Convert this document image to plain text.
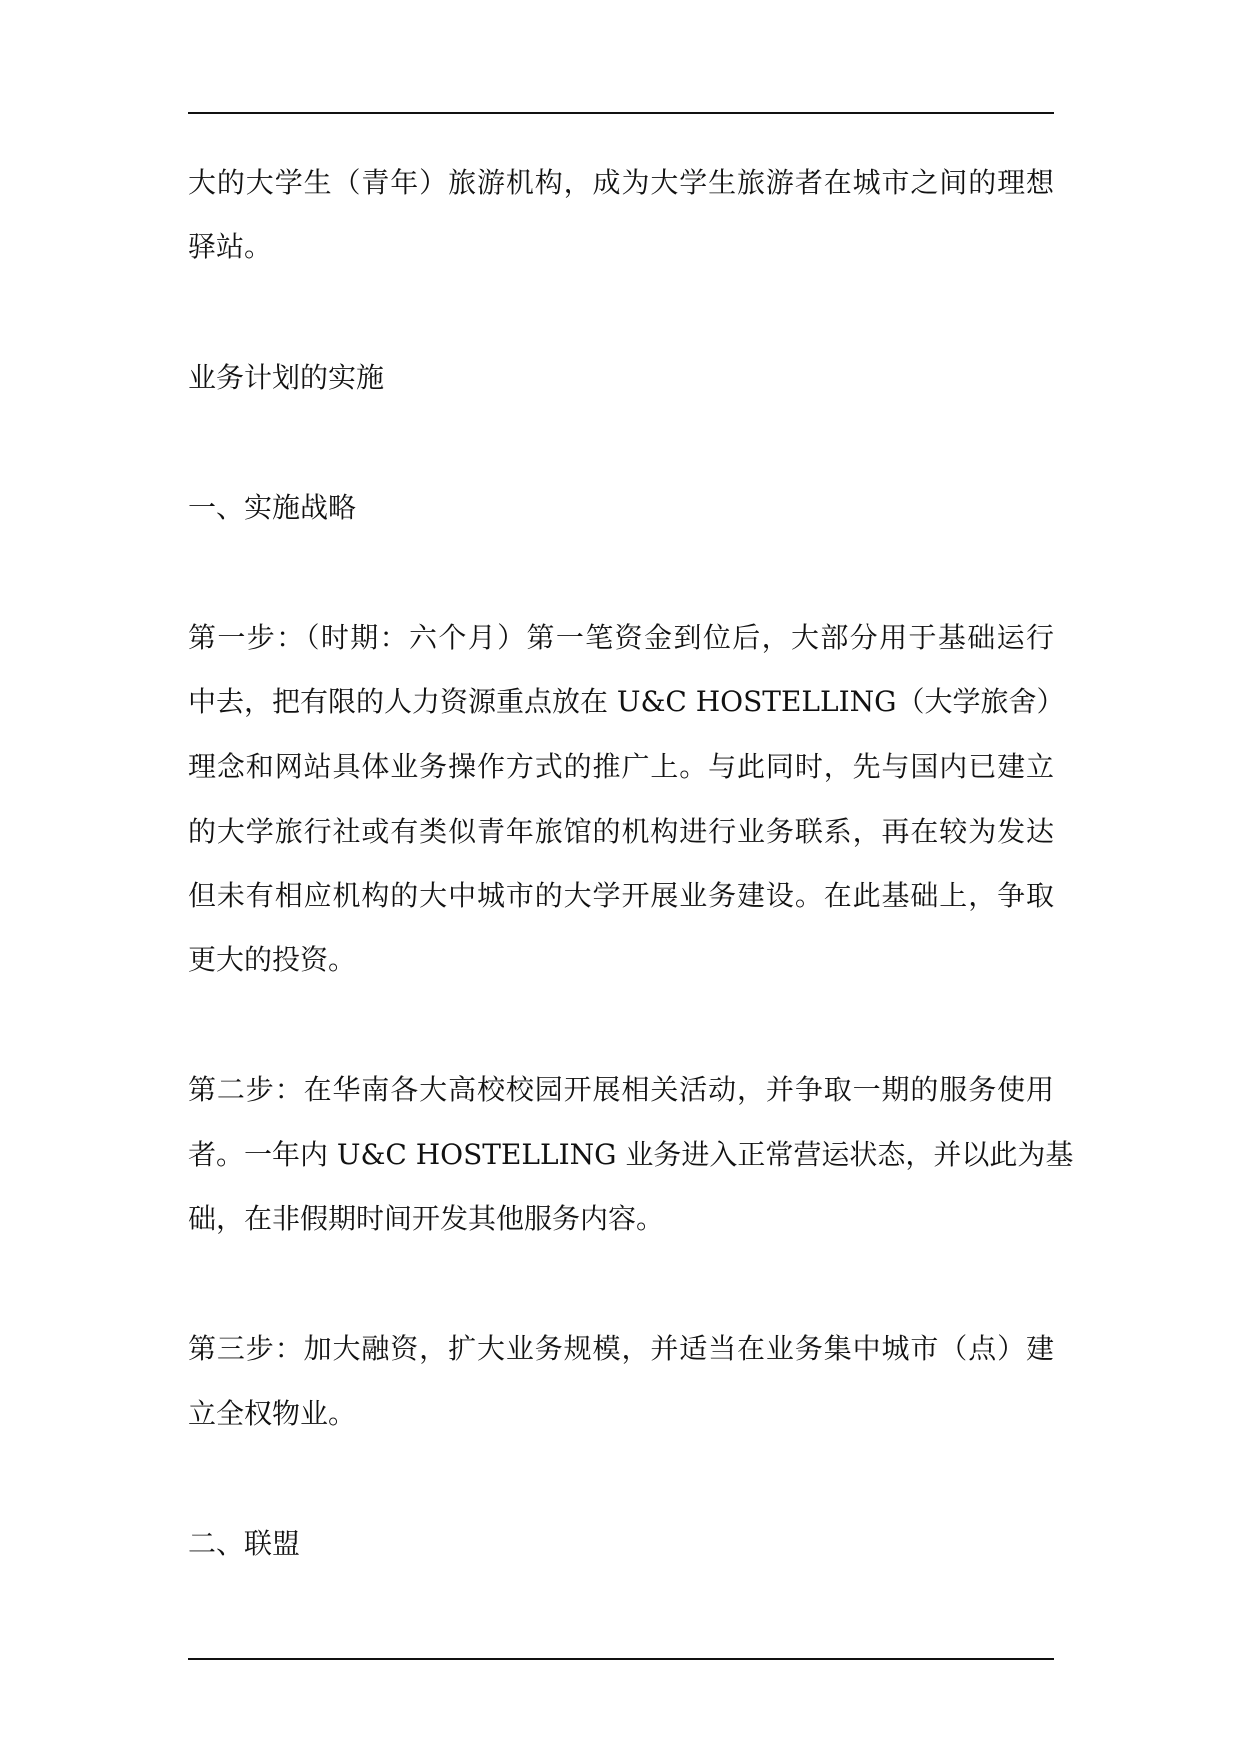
大的大学生（青年）旅游机构，成为大学生旅游者在城市之间的理想
驿站。
业务计划的实施
一、实施战略
第一步：（时期：六个月）第一笔资金到位后，大部分用于基础运行
中去，把有限的人力资源重点放在 U&C HOSTELLING（大学旅舍）
理念和网站具体业务操作方式的推广上。与此同时，先与国内已建立
的大学旅行社或有类似青年旅馆的机构进行业务联系，再在较为发达
但未有相应机构的大中城市的大学开展业务建设。在此基础上，争取
更大的投资。
第二步：在华南各大高校校园开展相关活动，并争取一期的服务使用
者。一年内 U&C HOSTELLING 业务进入正常营运状态，并以此为基
础，在非假期时间开发其他服务内容。
第三步：加大融资，扩大业务规模，并适当在业务集中城市（点）建
立全权物业。
二、联盟
